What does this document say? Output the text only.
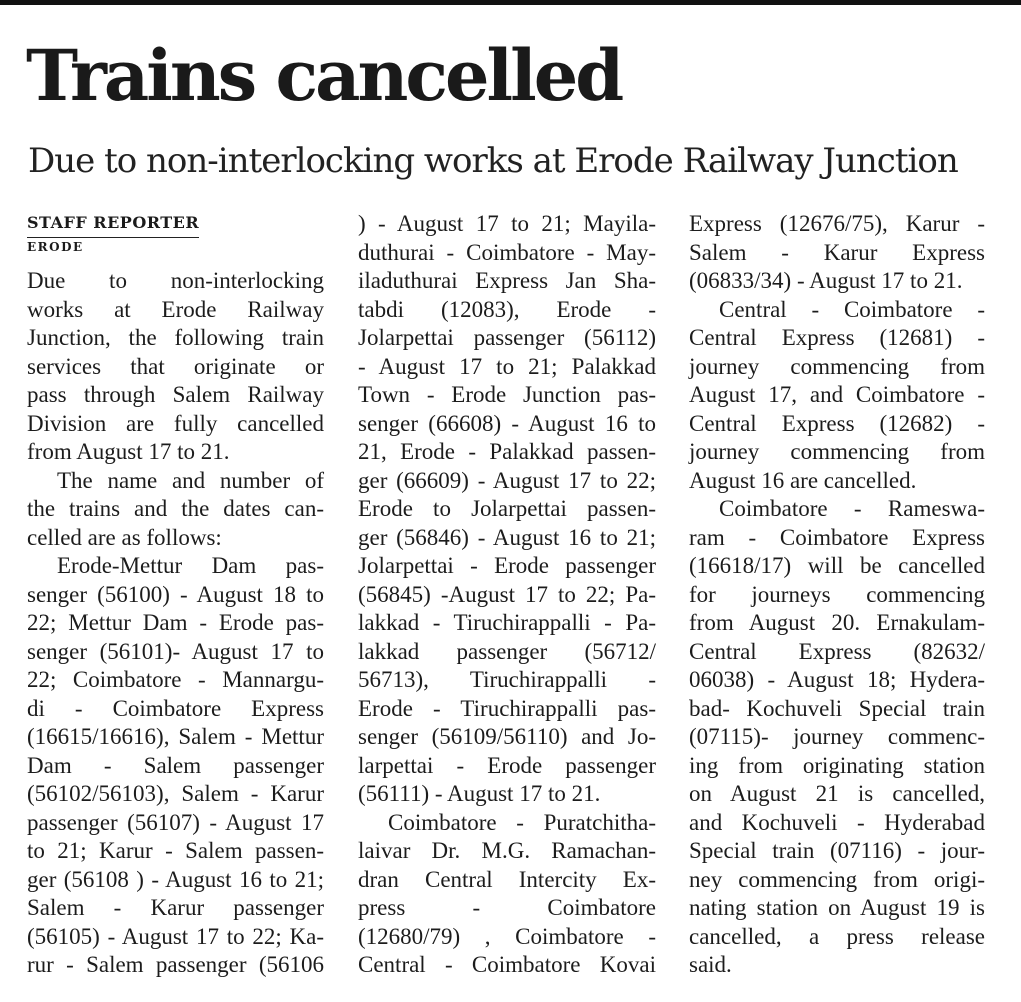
Trains cancelled
Due to non-interlocking works at Erode Railway Junction
STAFF REPORTER
ERODE

Due to non-interlocking

works at Erode Railway

Junction, the following train

services that originate or

pass through Salem Railway

Division are fully cancelled

from August 17 to 21.

The name and number of

the trains and the dates can-

celled are as follows:

Erode-Mettur Dam pas-

senger (56100) - August 18 to

22; Mettur Dam - Erode pas-

senger (56101)- August 17 to

22; Coimbatore - Mannargu-

di - Coimbatore Express

(16615/16616), Salem - Mettur

Dam - Salem passenger

(56102/56103), Salem - Karur

passenger (56107) - August 17

to 21; Karur - Salem passen-

ger (56108 ) - August 16 to 21;

Salem - Karur passenger

(56105) - August 17 to 22; Ka-

rur - Salem passenger (56106

) - August 17 to 21; Mayila-

duthurai - Coimbatore - May-

iladuthurai Express Jan Sha-

tabdi (12083), Erode -

Jolarpettai passenger (56112)

- August 17 to 21; Palakkad

Town - Erode Junction pas-

senger (66608) - August 16 to

21, Erode - Palakkad passen-

ger (66609) - August 17 to 22;

Erode to Jolarpettai passen-

ger (56846) - August 16 to 21;

Jolarpettai - Erode passenger

(56845) -August 17 to 22; Pa-

lakkad - Tiruchirappalli - Pa-

lakkad passenger (56712/

56713), Tiruchirappalli -

Erode - Tiruchirappalli pas-

senger (56109/56110) and Jo-

larpettai - Erode passenger

(56111) - August 17 to 21.

Coimbatore - Puratchitha-

laivar Dr. M.G. Ramachan-

dran Central Intercity Ex-

press - Coimbatore

(12680/79) , Coimbatore -

Central - Coimbatore Kovai

Express (12676/75), Karur -

Salem - Karur Express

(06833/34) - August 17 to 21.

Central - Coimbatore -

Central Express (12681) -

journey commencing from

August 17, and Coimbatore -

Central Express (12682) -

journey commencing from

August 16 are cancelled.

Coimbatore - Rameswa-

ram - Coimbatore Express

(16618/17) will be cancelled

for journeys commencing

from August 20. Ernakulam-

Central Express (82632/

06038) - August 18; Hydera-

bad- Kochuveli Special train

(07115)- journey commenc-

ing from originating station

on August 21 is cancelled,

and Kochuveli - Hyderabad

Special train (07116) - jour-

ney commencing from origi-

nating station on August 19 is

cancelled, a press release

said.
